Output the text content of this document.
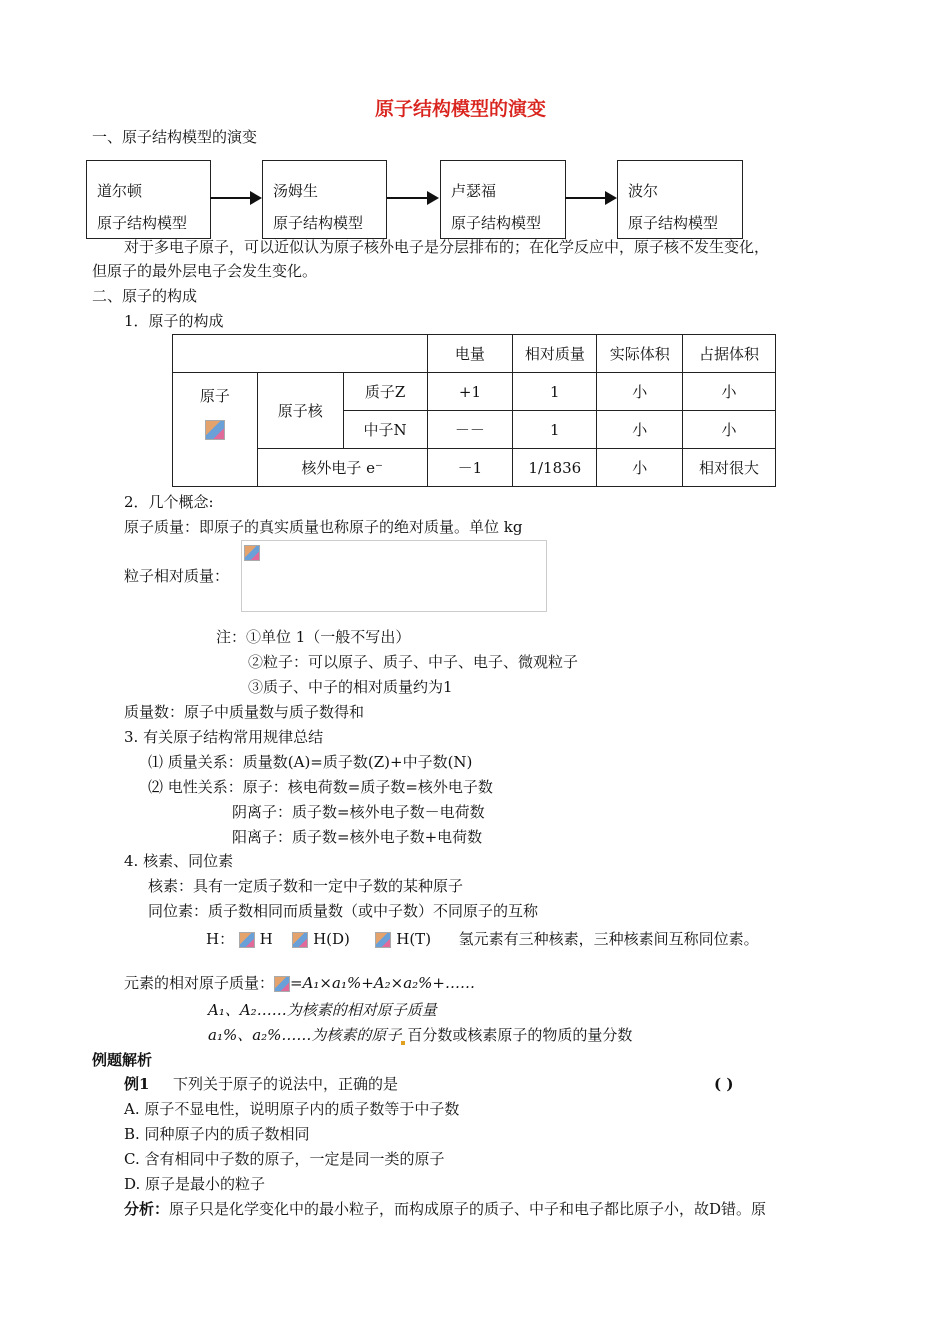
原子结构模型的演变
一、原子结构模型的演变
道尔顿
原子结构模型
汤姆生
原子结构模型
卢瑟福
原子结构模型
波尔
原子结构模型
对于多电子原子，可以近似认为原子核外电子是分层排布的；在化学反应中，原子核不发生变化，
但原子的最外层电子会发生变化。
二、原子的构成
1．原子的构成
			电量	相对质量	实际体积	占据体积

原子	原子核	质子Z	+1	1	小	小
		中子N	－－	1	小	小
	核外电子 e⁻		－1	1/1836	小	相对很大
2．几个概念:
原子质量：即原子的真实质量也称原子的绝对质量。单位 kg
粒子相对质量：
注：①单位 1（一般不写出）
②粒子：可以原子、质子、中子、电子、微观粒子
③质子、中子的相对质量约为1
质量数：原子中质量数与质子数得和
3. 有关原子结构常用规律总结
⑴ 质量关系：质量数(A)=质子数(Z)+中子数(N)
⑵ 电性关系：原子：核电荷数=质子数=核外电子数
阴离子：质子数=核外电子数－电荷数
阳离子：质子数=核外电子数+电荷数
4. 核素、同位素
核素：具有一定质子数和一定中子数的某种原子
同位素：质子数相同而质量数（或中子数）不同原子的互称
H： H	H(D)	H(T) 氢元素有三种核素，三种核素间互称同位素。
元素的相对原子质量： =A₁×a₁%+A₂×a₂%+……
A₁、A₂……为核素的相对原子质量
a₁%、a₂%……为核素的原子 百分数或核素原子的物质的量分数
例题解析
例1 下列关于原子的说法中，正确的是	( )
A. 原子不显电性，说明原子内的质子数等于中子数
B. 同种原子内的质子数相同
C. 含有相同中子数的原子，一定是同一类的原子
D. 原子是最小的粒子
分析：原子只是化学变化中的最小粒子，而构成原子的质子、中子和电子都比原子小，故D错。原
